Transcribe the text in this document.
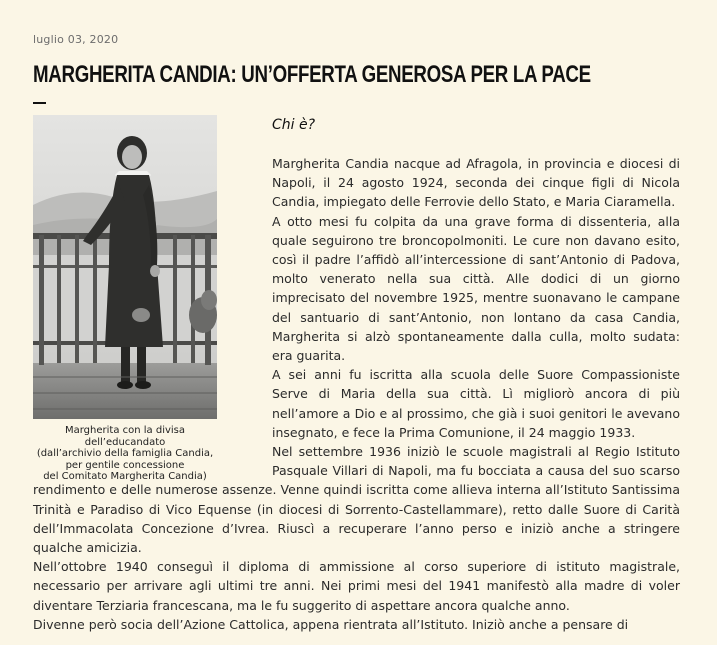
luglio 03, 2020
MARGHERITA CANDIA: UN’OFFERTA GENEROSA PER LA PACE
Margherita con la divisa dell’educandato
(dall’archivio della famiglia Candia,
per gentile concessione
del Comitato Margherita Candia)
Chi è?

Margherita Candia nacque ad Afragola, in provincia e diocesi di Napoli, il 24 agosto 1924, seconda dei cinque figli di Nicola Candia, impiegato delle Ferrovie dello Stato, e Maria Ciaramella.

A otto mesi fu colpita da una grave forma di dissenteria, alla quale seguirono tre broncopolmoniti. Le cure non davano esito, così il padre l’affidò all’intercessione di sant’Antonio di Padova, molto venerato nella sua città. Alle dodici di un giorno imprecisato del novembre 1925, mentre suonavano le campane del santuario di sant’Antonio, non lontano da casa Candia, Margherita si alzò spontaneamente dalla culla, molto sudata: era guarita.

A sei anni fu iscritta alla scuola delle Suore Compassioniste Serve di Maria della sua città. Lì migliorò ancora di più nell’amore a Dio e al prossimo, che già i suoi genitori le avevano insegnato, e fece la Prima Comunione, il 24 maggio 1933.

Nel settembre 1936 iniziò le scuole magistrali al Regio Istituto Pasquale Villari di Napoli, ma fu bocciata a causa del suo scarso rendimento e delle numerose assenze. Venne quindi iscritta come allieva interna all’Istituto Santissima Trinità e Paradiso di Vico Equense (in diocesi di Sorrento-Castellammare), retto dalle Suore di Carità dell’Immacolata Concezione d’Ivrea. Riuscì a recuperare l’anno perso e iniziò anche a stringere qualche amicizia.

Nell’ottobre 1940 conseguì il diploma di ammissione al corso superiore di istituto magistrale, necessario per arrivare agli ultimi tre anni. Nei primi mesi del 1941 manifestò alla madre di voler diventare Terziaria francescana, ma le fu suggerito di aspettare ancora qualche anno.

Divenne però socia dell’Azione Cattolica, appena rientrata all’Istituto. Iniziò anche a pensare di
